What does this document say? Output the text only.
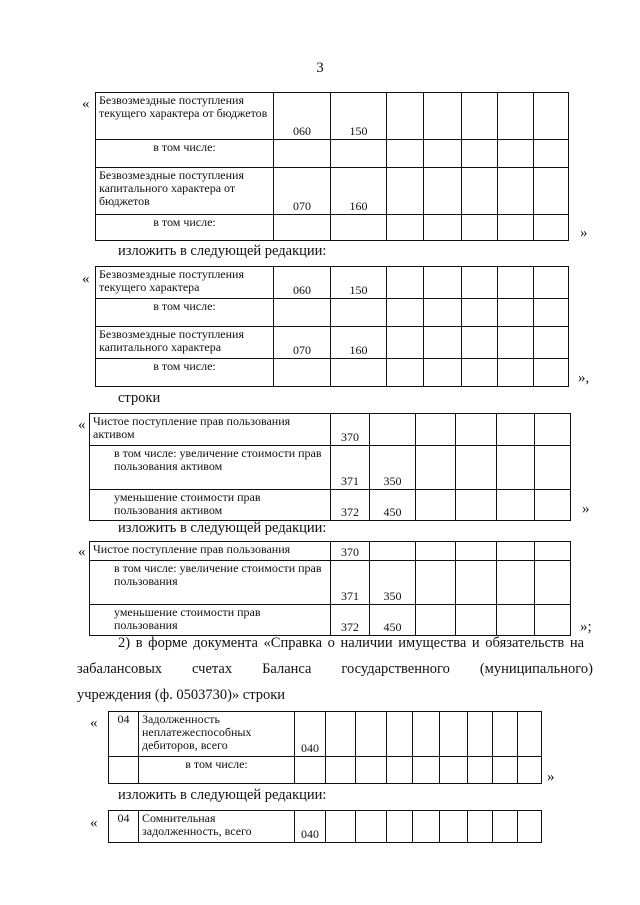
3
« Безвозмездные поступления текущего характера от бюджетов	060	150					
в том числе:							
Безвозмездные поступления капитального характера от бюджетов	070	160					
в том числе:							
»
изложить в следующей редакции:
« Безвозмездные поступления текущего характера	060	150					
в том числе:							
Безвозмездные поступления капитального характера	070	160					
в том числе:							
»,
строки
« Чистое поступление прав пользования активом	370					
в том числе: увеличение стоимости прав пользования активом	371	350				
уменьшение стоимости прав пользования активом	372	450					»
изложить в следующей редакции:
« Чистое поступление прав пользования	370					
в том числе: увеличение стоимости прав пользования	371	350				
уменьшение стоимости прав пользования	372	450					»;
2) в форме документа «Справка о наличии имущества и обязательств на
забалансовых счетах Баланса государственного (муниципального)
учреждения (ф. 0503730)» строки
« 04	Задолженность неплатежеспособных дебиторов, всего	040								
	в том числе:									
»
изложить в следующей редакции:
« 04	Сомнительная задолженность, всего	040								
